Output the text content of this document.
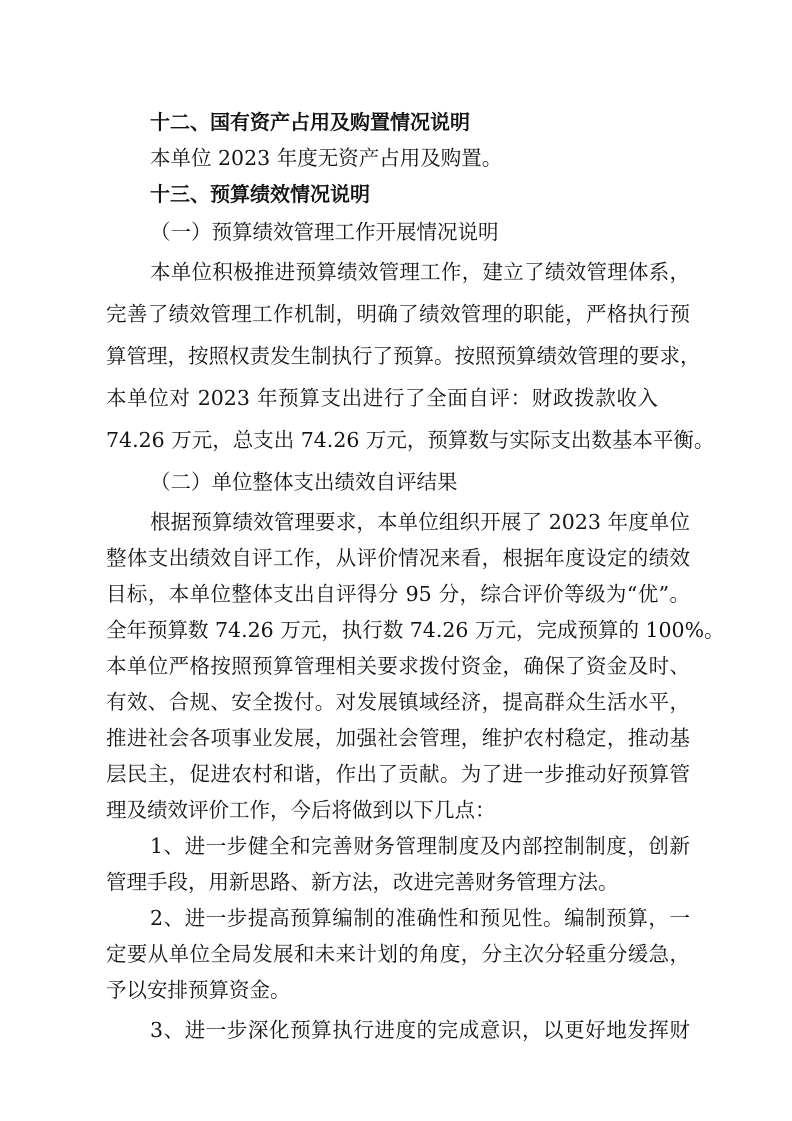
十二、国有资产占用及购置情况说明
本单位 2023 年度无资产占用及购置。
十三、预算绩效情况说明
（一）预算绩效管理工作开展情况说明
本单位积极推进预算绩效管理工作，建立了绩效管理体系，
完善了绩效管理工作机制，明确了绩效管理的职能，严格执行预
算管理，按照权责发生制执行了预算。按照预算绩效管理的要求，
本单位对 2023 年预算支出进行了全面自评：财政拨款收入
74.26 万元，总支出 74.26 万元，预算数与实际支出数基本平衡。
（二）单位整体支出绩效自评结果
根据预算绩效管理要求，本单位组织开展了 2023 年度单位
整体支出绩效自评工作，从评价情况来看，根据年度设定的绩效
目标，本单位整体支出自评得分 95 分，综合评价等级为“优”。
全年预算数 74.26 万元，执行数 74.26 万元，完成预算的 100%。
本单位严格按照预算管理相关要求拨付资金，确保了资金及时、
有效、合规、安全拨付。对发展镇域经济，提高群众生活水平，
推进社会各项事业发展，加强社会管理，维护农村稳定，推动基
层民主，促进农村和谐，作出了贡献。为了进一步推动好预算管
理及绩效评价工作，今后将做到以下几点：
1、进一步健全和完善财务管理制度及内部控制制度，创新
管理手段，用新思路、新方法，改进完善财务管理方法。
2、进一步提高预算编制的准确性和预见性。编制预算，一
定要从单位全局发展和未来计划的角度，分主次分轻重分缓急，
予以安排预算资金。
3、进一步深化预算执行进度的完成意识，以更好地发挥财
